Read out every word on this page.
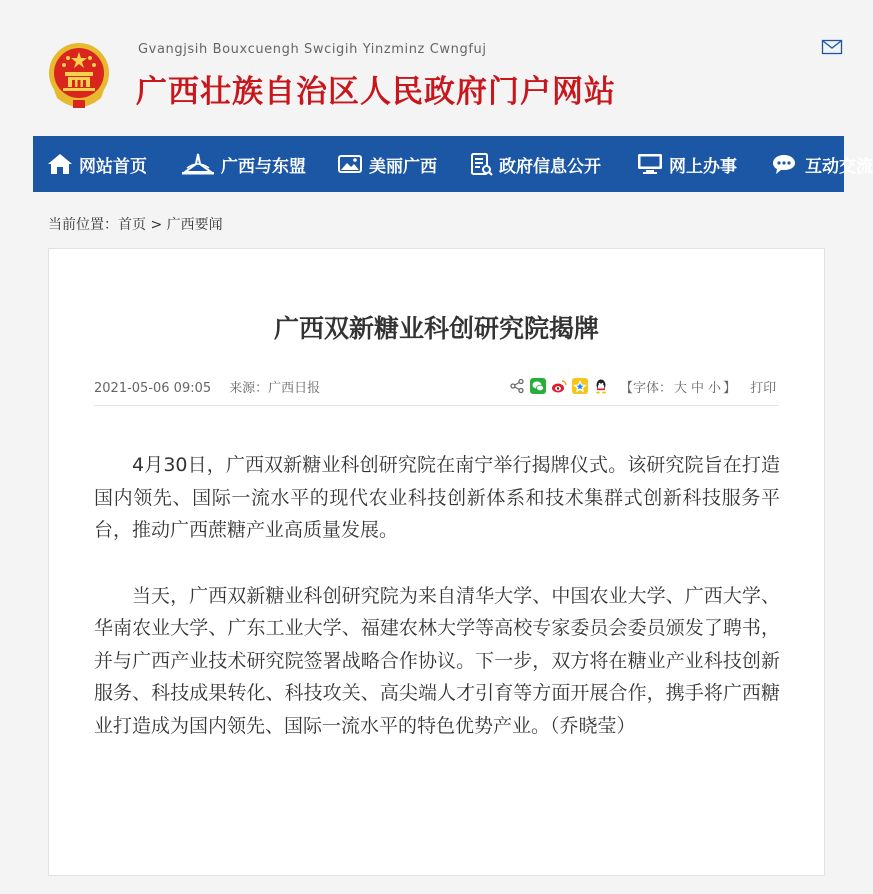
Gvangjsih Bouxcuengh Swcigih Yinzminz Cwngfuj
广西壮族自治区人民政府门户网站
网站首页	广西与东盟	美丽广西	政府信息公开	网上办事	互动交流
当前位置：首页 > 广西要闻
广西双新糖业科创研究院揭牌
2021-05-06 09:05 来源：广西日报	【字体： 大 中 小 】 打印

4月30日，广西双新糖业科创研究院在南宁举行揭牌仪式。该研究院旨在打造国内领先、国际一流水平的现代农业科技创新体系和技术集群式创新科技服务平台，推动广西蔗糖产业高质量发展。

当天，广西双新糖业科创研究院为来自清华大学、中国农业大学、广西大学、华南农业大学、广东工业大学、福建农林大学等高校专家委员会委员颁发了聘书，并与广西产业技术研究院签署战略合作协议。下一步，双方将在糖业产业科技创新服务、科技成果转化、科技攻关、高尖端人才引育等方面开展合作，携手将广西糖业打造成为国内领先、国际一流水平的特色优势产业。（乔晓莹）
